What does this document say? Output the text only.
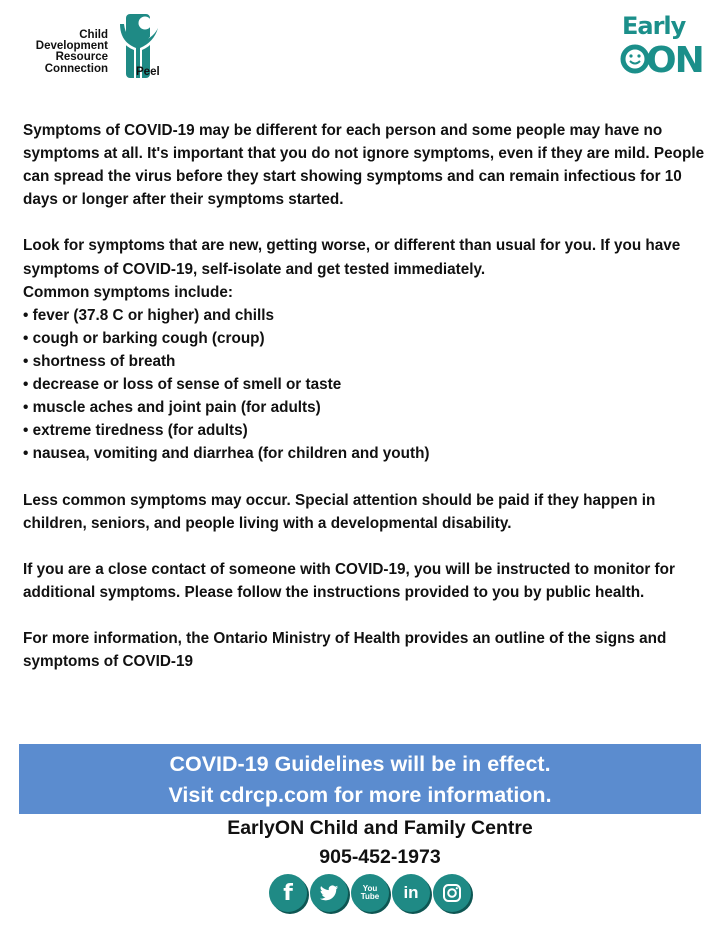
Child
Development
Resource
Connection Peel
Early
ON

Symptoms of COVID-19 may be different for each person and some people may have no symptoms at all. It's important that you do not ignore symptoms, even if they are mild. People can spread the virus before they start showing symptoms and can remain infectious for 10 days or longer after their symptoms started.

Look for symptoms that are new, getting worse, or different than usual for you. If you have symptoms of COVID-19, self-isolate and get tested immediately.

Common symptoms include:

• fever (37.8 C or higher) and chills

• cough or barking cough (croup)

• shortness of breath

• decrease or loss of sense of smell or taste

• muscle aches and joint pain (for adults)

• extreme tiredness (for adults)

• nausea, vomiting and diarrhea (for children and youth)

Less common symptoms may occur. Special attention should be paid if they happen in children, seniors, and people living with a developmental disability.

If you are a close contact of someone with COVID-19, you will be instructed to monitor for additional symptoms. Please follow the instructions provided to you by public health.

For more information, the Ontario Ministry of Health provides an outline of the signs and symptoms of COVID-19

COVID-19 Guidelines will be in effect.
Visit cdrcp.com for more information.
EarlyON Child and Family Centre
905-452-1973
f	You Tube in
